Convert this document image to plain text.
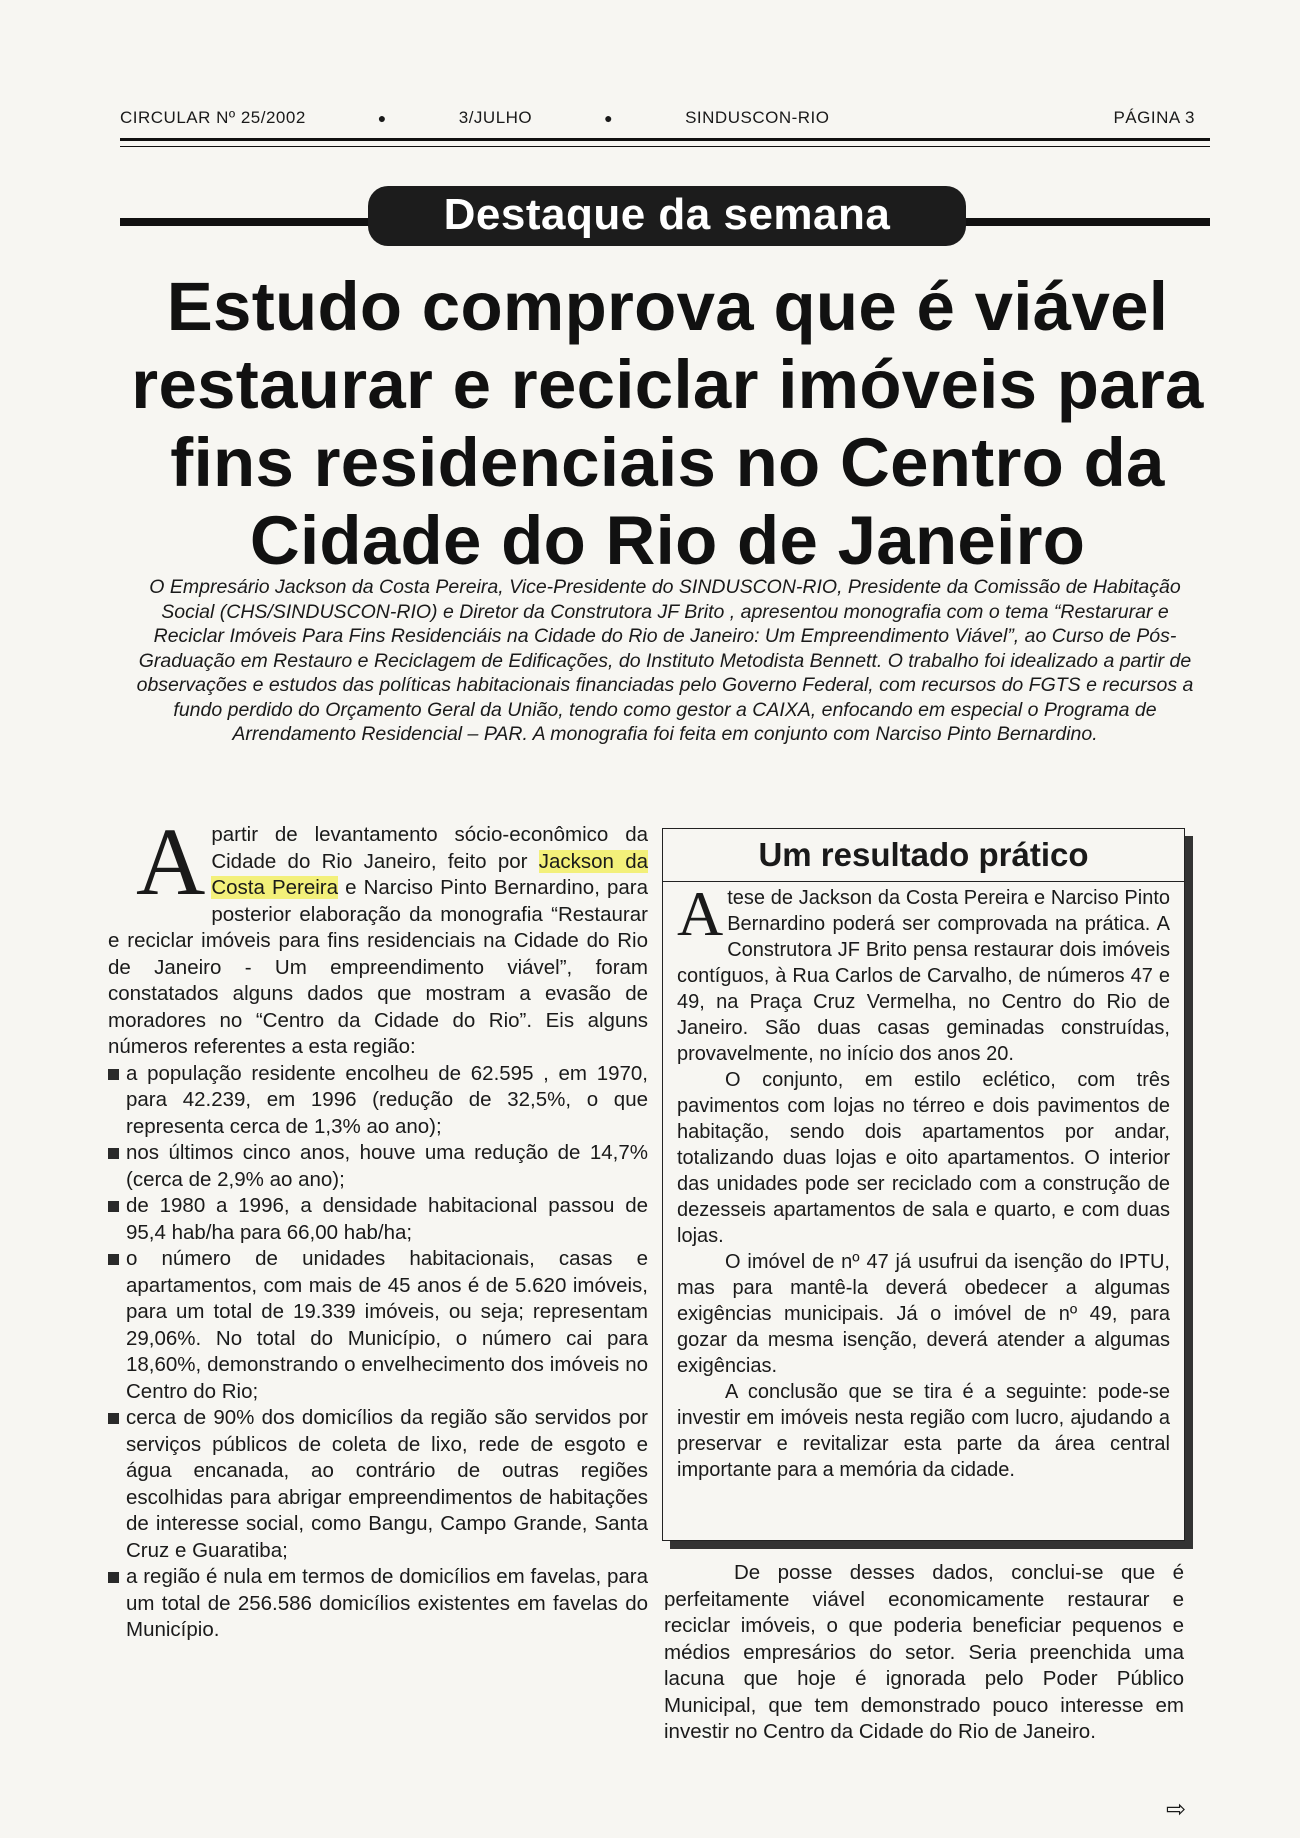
CIRCULAR Nº 25/2002	●	3/JULHO	●	SINDUSCON-RIO	PÁGINA 3
Destaque da semana
Estudo comprova que é viável restaurar e reciclar imóveis para fins residenciais no Centro da Cidade do Rio de Janeiro

O Empresário Jackson da Costa Pereira, Vice-Presidente do SINDUSCON-RIO, Presidente da Comissão de Habitação Social (CHS/SINDUSCON-RIO) e Diretor da Construtora JF Brito , apresentou monografia com o tema “Restarurar e Reciclar Imóveis Para Fins Residenciáis na Cidade do Rio de Janeiro: Um Empreendimento Viável”, ao Curso de Pós-Graduação em Restauro e Reciclagem de Edificações, do Instituto Metodista Bennett. O trabalho foi idealizado a partir de observações e estudos das políticas habitacionais financiadas pelo Governo Federal, com recursos do FGTS e recursos a fundo perdido do Orçamento Geral da União, tendo como gestor a CAIXA, enfocando em especial o Programa de Arrendamento Residencial – PAR. A monografia foi feita em conjunto com Narciso Pinto Bernardino.

Apartir de levantamento sócio-econômico da Cidade do Rio Janeiro, feito por Jackson da Costa Pereira e Narciso Pinto Bernardino, para posterior elaboração da monografia “Restaurar e reciclar imóveis para fins residenciais na Cidade do Rio de Janeiro - Um empreendimento viável”, foram constatados alguns dados que mostram a evasão de moradores no “Centro da Cidade do Rio”. Eis alguns números referentes a esta região:

a população residente encolheu de 62.595 , em 1970, para 42.239, em 1996 (redução de 32,5%, o que representa cerca de 1,3% ao ano);
nos últimos cinco anos, houve uma redução de 14,7% (cerca de 2,9% ao ano);
de 1980 a 1996, a densidade habitacional passou de 95,4 hab/ha para 66,00 hab/ha;
o número de unidades habitacionais, casas e apartamentos, com mais de 45 anos é de 5.620 imóveis, para um total de 19.339 imóveis, ou seja; representam 29,06%. No total do Município, o número cai para 18,60%, demonstrando o envelhecimento dos imóveis no Centro do Rio;
cerca de 90% dos domicílios da região são servidos por serviços públicos de coleta de lixo, rede de esgoto e água encanada, ao contrário de outras regiões escolhidas para abrigar empreendimentos de habitações de interesse social, como Bangu, Campo Grande, Santa Cruz e Guaratiba;
a região é nula em termos de domicílios em favelas, para um total de 256.586 domicílios existentes em favelas do Município.
Um resultado prático

A tese de Jackson da Costa Pereira e Narciso Pinto Bernardino poderá ser comprovada na prática. A Construtora JF Brito pensa restaurar dois imóveis contíguos, à Rua Carlos de Carvalho, de números 47 e 49, na Praça Cruz Vermelha, no Centro do Rio de Janeiro. São duas casas geminadas construídas, provavelmente, no início dos anos 20.

O conjunto, em estilo eclético, com três pavimentos com lojas no térreo e dois pavimentos de habitação, sendo dois apartamentos por andar, totalizando duas lojas e oito apartamentos. O interior das unidades pode ser reciclado com a construção de dezesseis apartamentos de sala e quarto, e com duas lojas.

O imóvel de nº 47 já usufrui da isenção do IPTU, mas para mantê-la deverá obedecer a algumas exigências municipais. Já o imóvel de nº 49, para gozar da mesma isenção, deverá atender a algumas exigências.

A conclusão que se tira é a seguinte: pode-se investir em imóveis nesta região com lucro, ajudando a preservar e revitalizar esta parte da área central importante para a memória da cidade.

De posse desses dados, conclui-se que é perfeitamente viável economicamente restaurar e reciclar imóveis, o que poderia beneficiar pequenos e médios empresários do setor. Seria preenchida uma lacuna que hoje é ignorada pelo Poder Público Municipal, que tem demonstrado pouco interesse em investir no Centro da Cidade do Rio de Janeiro.

⇨
